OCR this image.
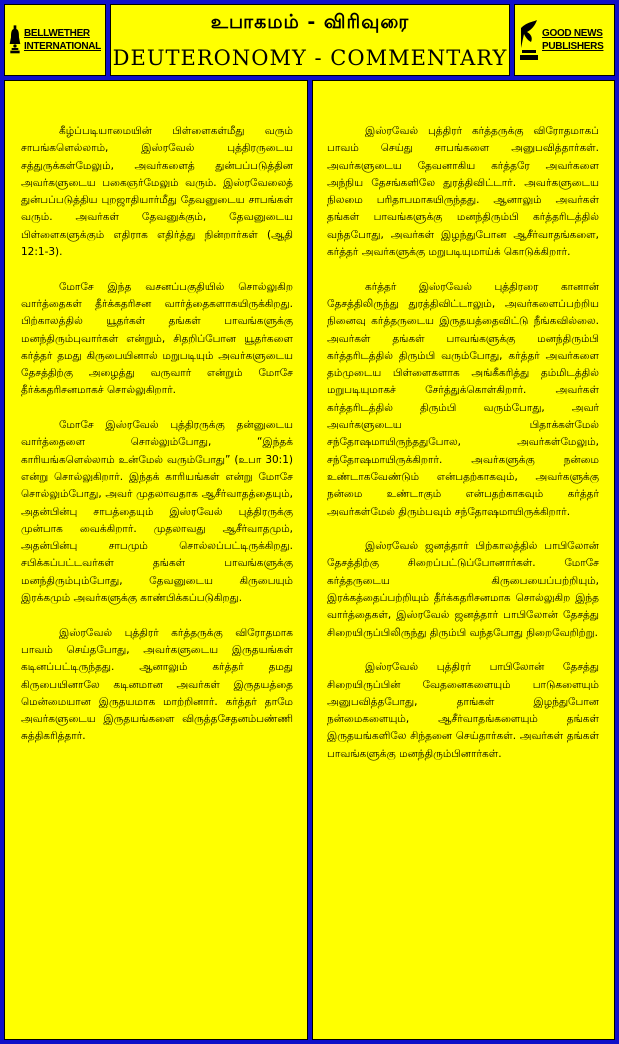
BELLWETHER
INTERNATIONAL
உபாகமம் - விரிவுரை
DEUTERONOMY - COMMENTARY
GOOD NEWS
PUBLISHERS

கீழ்ப்படியாமையின் பிள்ளைகள்மீது வரும் சாபங்களெல்லாம், இஸ்ரவேல் புத்திரருடைய சத்துருக்கள்மேலும், அவர்களைத் துன்பப்படுத்தின அவர்களுடைய பகைஞர்மேலும் வரும். இஸ்ரவேலைத் துன்பப்படுத்திய புறஜாதியார்மீது தேவனுடைய சாபங்கள் வரும். அவர்கள் தேவனுக்கும், தேவனுடைய பிள்ளைகளுக்கும் எதிராக எதிர்த்து நின்றார்கள் (ஆதி 12:1-3).

மோசே இந்த வசனப்பகுதியில் சொல்லுகிற வார்த்தைகள் தீர்க்கதரிசன வார்த்தைகளாகயிருக்கிறது. பிற்காலத்தில் யூதர்கள் தங்கள் பாவங்களுக்கு மனந்திரும்புவார்கள் என்றும், சிதறிப்போன யூதர்களை கர்த்தர் தமது கிருபையினால் மறுபடியும் அவர்களுடைய தேசத்திற்கு அழைத்து வருவார் என்றும் மோசே தீர்க்கதரிசனமாகச் சொல்லுகிறார்.

மோசே இஸ்ரவேல் புத்திரருக்கு தன்னுடைய வார்த்தைளை சொல்லும்போது, “இந்தக் காரியங்களெல்லாம் உன்மேல் வரும்போது” (உபா 30:1) என்று சொல்லுகிறார். இந்தக் காரியங்கள் என்று மோசே சொல்லும்போது, அவர் முதலாவதாக ஆசீர்வாதத்தையும், அதன்பின்பு சாபத்தையும் இஸ்ரவேல் புத்திரருக்கு முன்பாக வைக்கிறார். முதலாவது ஆசீர்வாதமும், அதன்பின்பு சாபமும் சொல்லப்பட்டிருக்கிறது. சபிக்கப்பட்டவர்கள் தங்கள் பாவங்களுக்கு மனந்திரும்பும்போது, தேவனுடைய கிருபையும் இரக்கமும் அவர்களுக்கு காண்பிக்கப்படுகிறது.

இஸ்ரவேல் புத்திரர் கர்த்தருக்கு விரோதமாக பாவம் செய்தபோது, அவர்களுடைய இருதயங்கள் கடினப்பட்டிருந்தது. ஆனாலும் கர்த்தர் தமது கிருபையினாலே கடினமான அவர்கள் இருதயத்தை மென்மையான இருதயமாக மாற்றினார். கர்த்தர் தாமே அவர்களுடைய இருதயங்களை விருத்தசேதனம்பண்ணி சுத்திகரித்தார்.

இஸ்ரவேல் புத்திரர் கர்த்தருக்கு விரோதமாகப் பாவம் செய்து சாபங்களை அனுபவித்தார்கள். அவர்களுடைய தேவனாகிய கர்த்தரே அவர்களை அந்நிய தேசங்களிலே துரத்திவிட்டார். அவர்களுடைய நிலமை பரிதாபமாகயிருந்தது. ஆனாலும் அவர்கள் தங்கள் பாவங்களுக்கு மனந்திரும்பி கர்த்தரிடத்தில் வந்தபோது, அவர்கள் இழந்துபோன ஆசீர்வாதங்களை, கர்த்தர் அவர்களுக்கு மறுபடியுமாய்க் கொடுக்கிறார்.

கர்த்தர் இஸ்ரவேல் புத்திரரை கானான் தேசத்திலிருந்து துரத்திவிட்டாலும், அவர்களைப்பற்றிய நினைவு கர்த்தருடைய இருதயத்தைவிட்டு நீங்கவில்லை. அவர்கள் தங்கள் பாவங்களுக்கு மனந்திரும்பி கர்த்தரிடத்தில் திரும்பி வரும்போது, கர்த்தர் அவர்களை தம்முடைய பிள்ளைகளாக அங்கீகரித்து தம்மிடத்தில் மறுபடியுமாகச் சேர்த்துக்கொள்கிறார். அவர்கள் கர்த்தரிடத்தில் திரும்பி வரும்போது, அவர் அவர்களுடைய பிதாக்கள்மேல் சந்தோஷமாயிருந்ததுபோல, அவர்கள்மேலும், சந்தோஷமாயிருக்கிறார். அவர்களுக்கு நன்மை உண்டாகவேண்டும் என்பதற்காகவும், அவர்களுக்கு நன்மை உண்டாகும் என்பதற்காகவும் கர்த்தர் அவர்கள்மேல் திரும்பவும் சந்தோஷமாயிருக்கிறார்.

இஸ்ரவேல் ஜனத்தார் பிற்காலத்தில் பாபிலோன் தேசத்திற்கு சிறைப்பட்டுப்போனார்கள். மோசே கர்த்தருடைய கிருபையைப்பற்றியும், இரக்கத்தைப்பற்றியும் தீர்க்கதரிசனமாக சொல்லுகிற இந்த வார்த்தைகள், இஸ்ரவேல் ஜனத்தார் பாபிலோன் தேசத்து சிறையிருப்பிலிருந்து திரும்பி வந்தபோது நிறைவேறிற்று.

இஸ்ரவேல் புத்திரர் பாபிலோன் தேசத்து சிறையிருப்பின் வேதனைகளையும் பாடுகளையும் அனுபவித்தபோது, தாங்கள் இழந்துபோன நன்மைகளையும், ஆசீர்வாதங்களையும் தங்கள் இருதயங்களிலே சிந்தனை செய்தார்கள். அவர்கள் தங்கள் பாவங்களுக்கு மனந்திரும்பினார்கள்.
